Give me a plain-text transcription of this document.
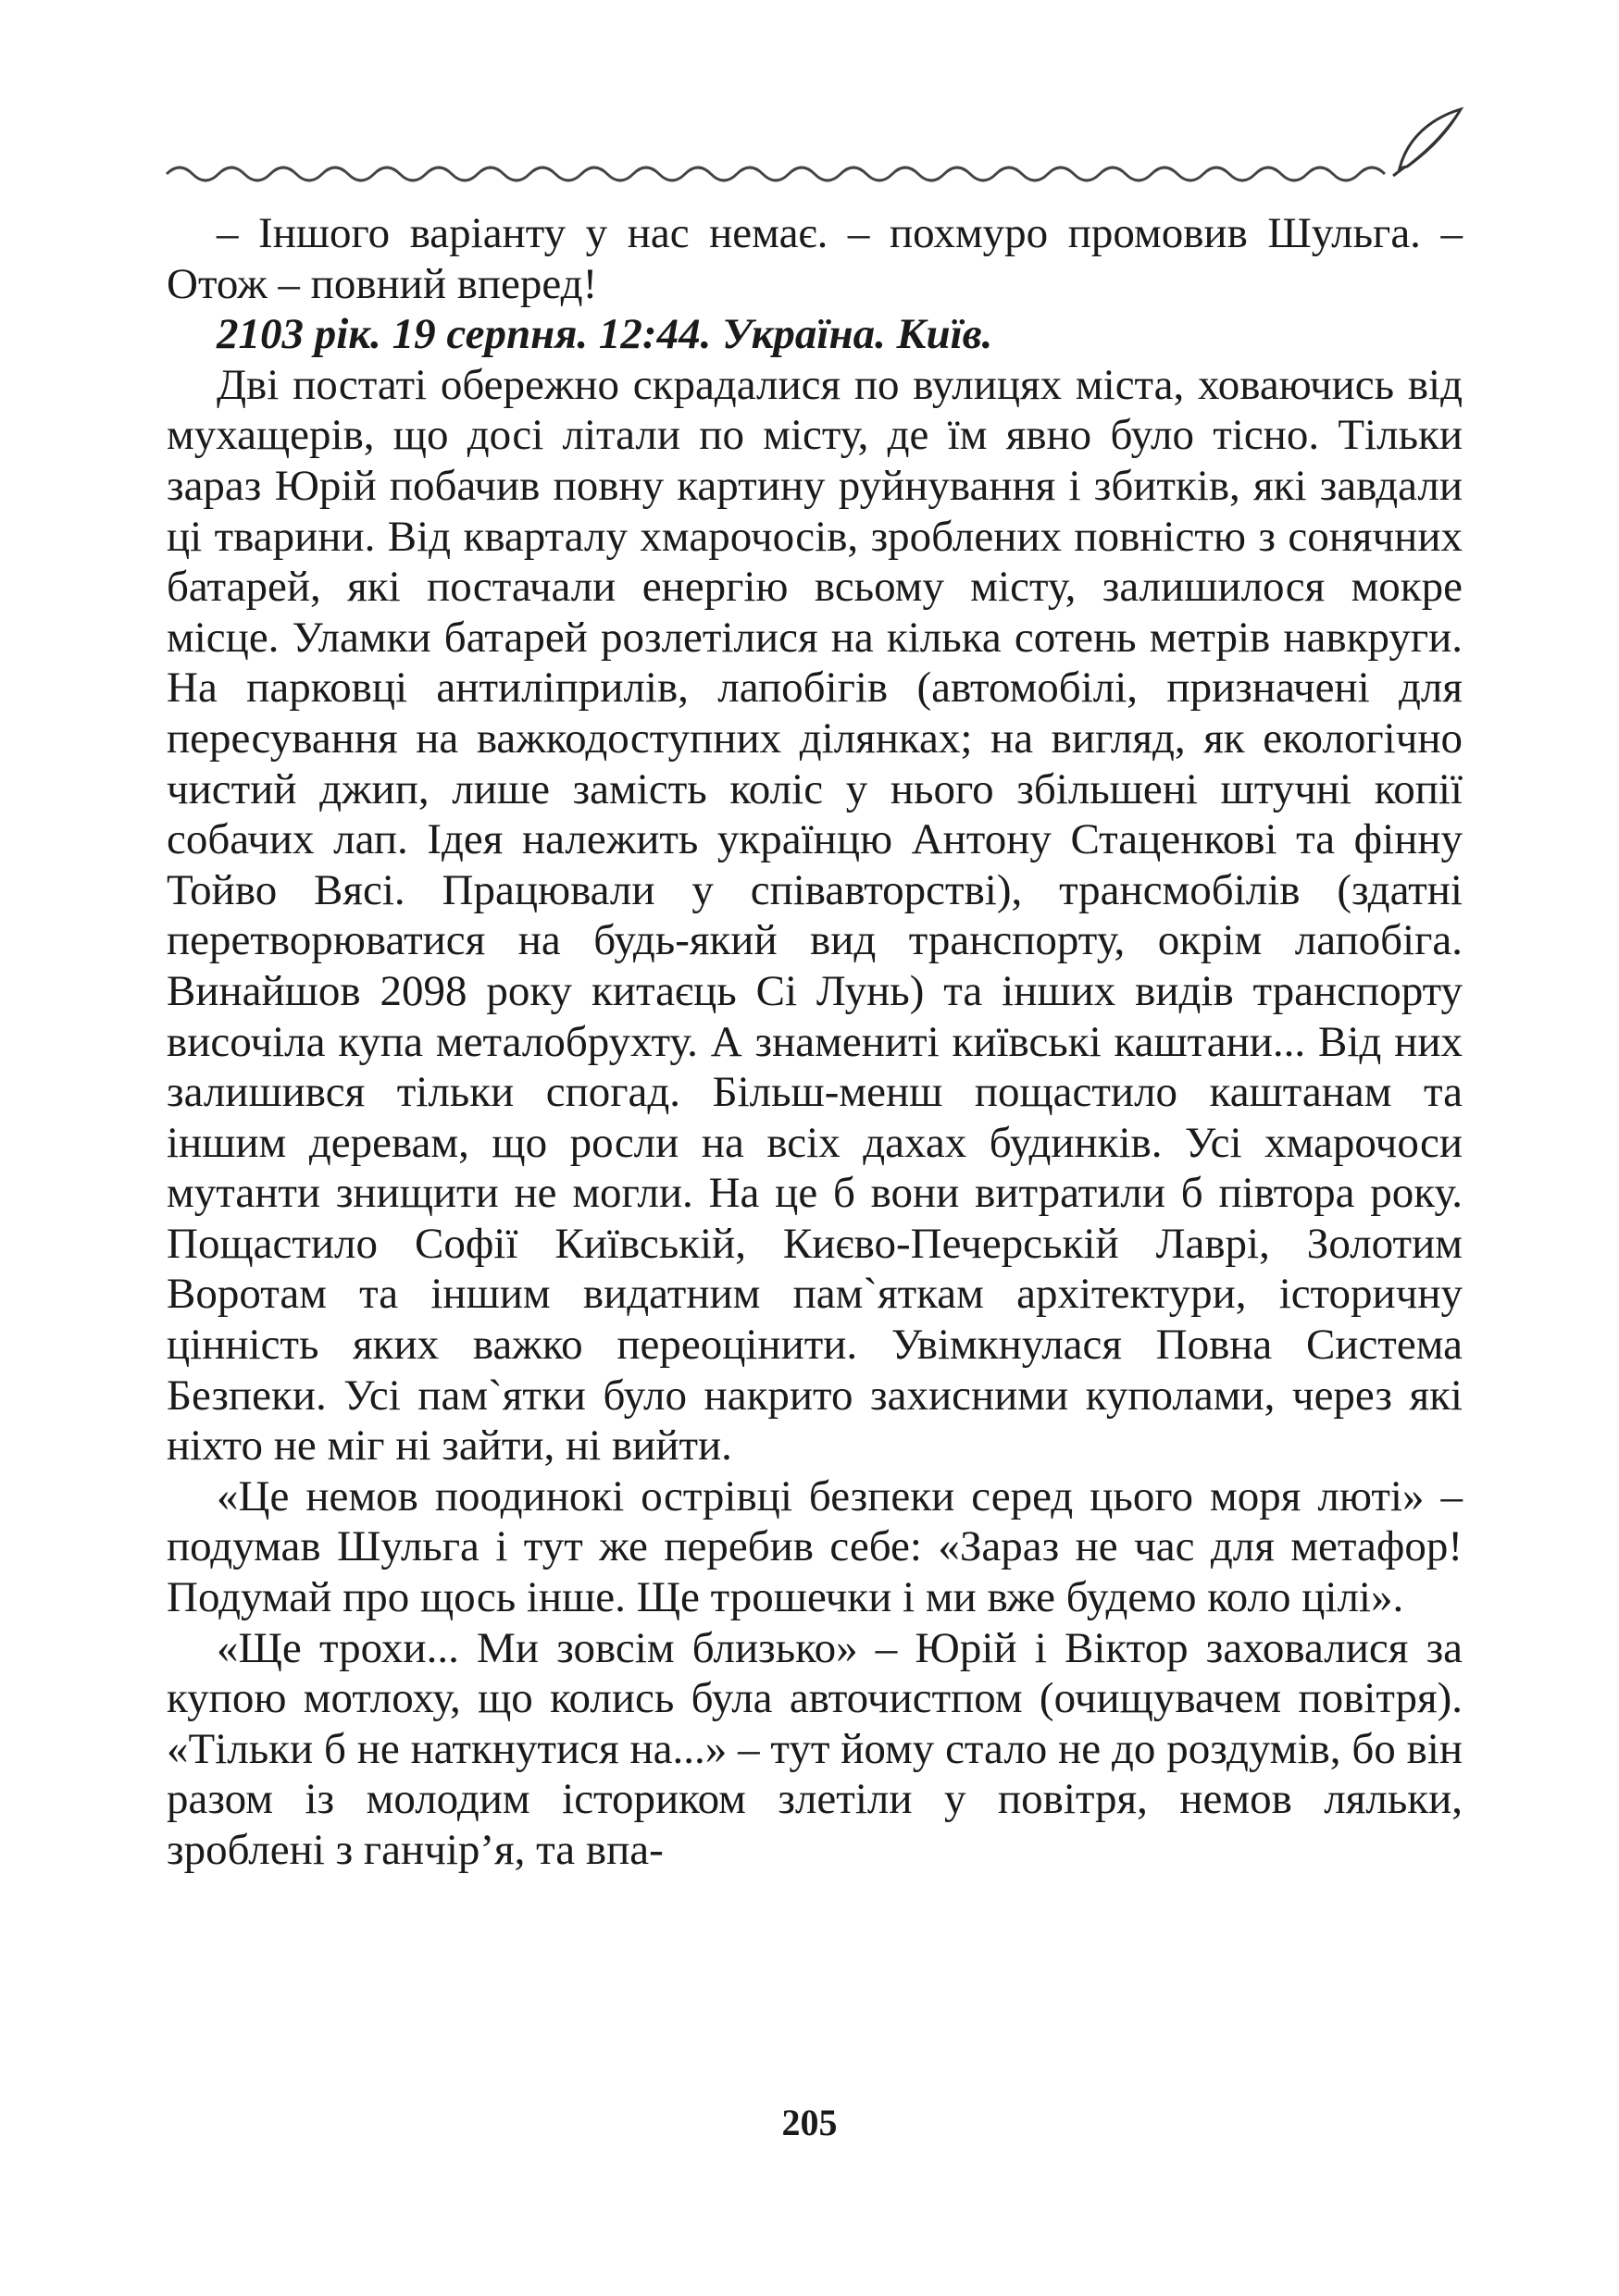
– Іншого варіанту у нас немає. – похмуро промовив Шульга. – Отож – повний вперед!

2103 рік. 19 серпня. 12:44. Україна. Київ.

Дві постаті обережно скрадалися по вулицях міста, ховаючись від мухащерів, що досі літали по місту, де їм явно було тісно. Тільки зараз Юрій побачив повну картину руйнування і збитків, які завдали ці тварини. Від кварталу хмарочосів, зроблених повністю з сонячних батарей, які постачали енергію всьому місту, залишилося мокре місце. Уламки батарей розлетілися на кілька сотень метрів навкруги. На парковці антиліприлів, лапобігів (автомобілі, призначені для пересування на важкодоступних ділянках; на вигляд, як екологічно чистий джип, лише замість коліс у нього збільшені штучні копії собачих лап. Ідея належить українцю Антону Стаценкові та фінну Тойво Вясі. Працювали у співавторстві), трансмобілів (здатні перетворюватися на будь-який вид транспорту, окрім лапобіга. Винайшов 2098 року китаєць Сі Лунь) та інших видів транспорту височіла купа металобрухту. А знамениті київські каштани... Від них залишився тільки спогад. Більш-менш пощастило каштанам та іншим деревам, що росли на всіх дахах будинків. Усі хмарочоси мутанти знищити не могли. На це б вони витратили б півтора року. Пощастило Софії Київській, Києво-Печерській Лаврі, Золотим Воротам та іншим видатним пам`яткам архітектури, історичну цінність яких важко переоцінити. Увімкнулася Повна Система Безпеки. Усі пам`ятки було накрито захисними куполами, через які ніхто не міг ні зайти, ні вийти.

«Це немов поодинокі острівці безпеки серед цього моря люті» – подумав Шульга і тут же перебив себе: «Зараз не час для метафор! Подумай про щось інше. Ще трошечки і ми вже будемо коло цілі».

«Ще трохи... Ми зовсім близько» – Юрій і Віктор заховалися за купою мотлоху, що колись була авточистпом (очищувачем повітря). «Тільки б не наткнутися на...» – тут йому стало не до роздумів, бо він разом із молодим істориком злетіли у повітря, немов ляльки, зроблені з ганчір’я, та впа-

205
